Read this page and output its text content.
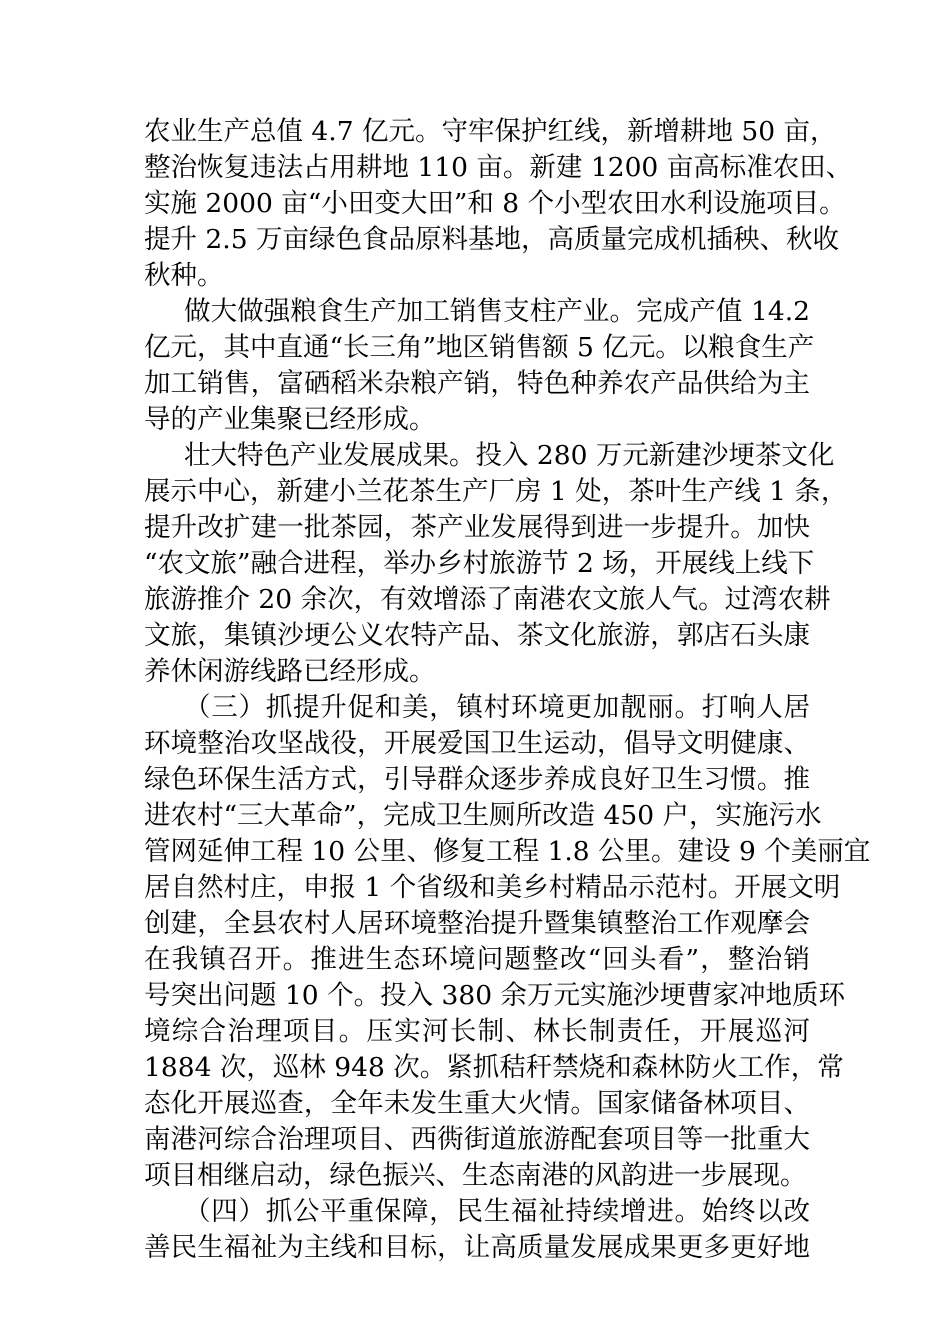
农业生产总值 4.7 亿元。守牢保护红线，新增耕地 50 亩，
整治恢复违法占用耕地 110 亩。新建 1200 亩高标准农田、
实施 2000 亩“小田变大田”和 8 个小型农田水利设施项目。
提升 2.5 万亩绿色食品原料基地，高质量完成机插秧、秋收
秋种。
做大做强粮食生产加工销售支柱产业。完成产值 14.2
亿元，其中直通“长三角”地区销售额 5 亿元。以粮食生产
加工销售，富硒稻米杂粮产销，特色种养农产品供给为主
导的产业集聚已经形成。
壮大特色产业发展成果。投入 280 万元新建沙埂茶文化
展示中心，新建小兰花茶生产厂房 1 处，茶叶生产线 1 条，
提升改扩建一批茶园，茶产业发展得到进一步提升。加快
“农文旅”融合进程，举办乡村旅游节 2 场，开展线上线下
旅游推介 20 余次，有效增添了南港农文旅人气。过湾农耕
文旅，集镇沙埂公义农特产品、茶文化旅游，郭店石头康
养休闲游线路已经形成。
（三）抓提升促和美，镇村环境更加靓丽。打响人居
环境整治攻坚战役，开展爱国卫生运动，倡导文明健康、
绿色环保生活方式，引导群众逐步养成良好卫生习惯。推
进农村“三大革命”，完成卫生厕所改造 450 户，实施污水
管网延伸工程 10 公里、修复工程 1.8 公里。建设 9 个美丽宜
居自然村庄，申报 1 个省级和美乡村精品示范村。开展文明
创建，全县农村人居环境整治提升暨集镇整治工作观摩会
在我镇召开。推进生态环境问题整改“回头看”，整治销
号突出问题 10 个。投入 380 余万元实施沙埂曹家冲地质环
境综合治理项目。压实河长制、林长制责任，开展巡河
1884 次，巡林 948 次。紧抓秸秆禁烧和森林防火工作，常
态化开展巡查，全年未发生重大火情。国家储备林项目、
南港河综合治理项目、西衖街道旅游配套项目等一批重大
项目相继启动，绿色振兴、生态南港的风韵进一步展现。
（四）抓公平重保障，民生福祉持续增进。始终以改
善民生福祉为主线和目标，让高质量发展成果更多更好地
